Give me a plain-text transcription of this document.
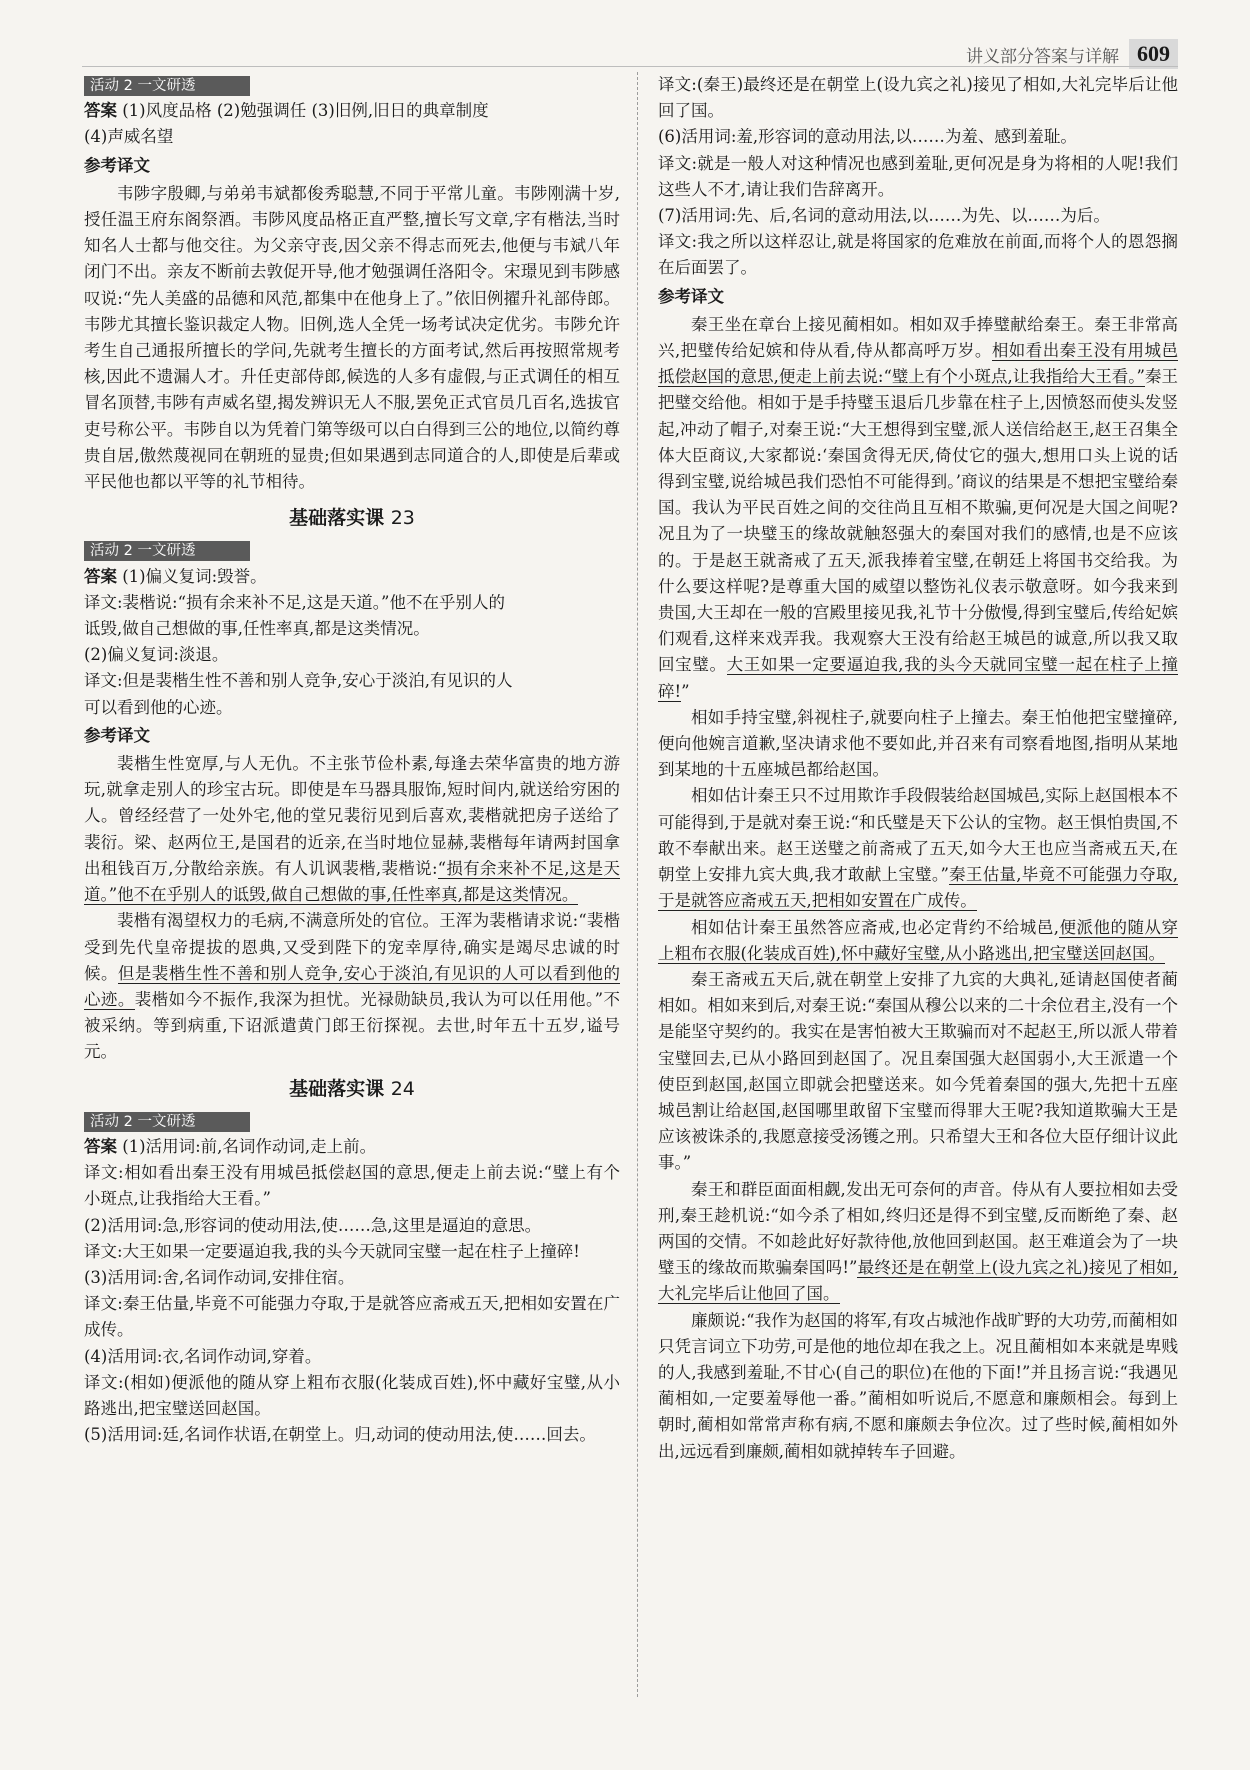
讲义部分答案与详解 609
活动 2 一文研透

答案 (1)风度品格 (2)勉强调任 (3)旧例,旧日的典章制度

(4)声威名望

参考译文

韦陟字殷卿,与弟弟韦斌都俊秀聪慧,不同于平常儿童。韦陟刚满十岁,授任温王府东阁祭酒。韦陟风度品格正直严整,擅长写文章,字有楷法,当时知名人士都与他交往。为父亲守丧,因父亲不得志而死去,他便与韦斌八年闭门不出。亲友不断前去敦促开导,他才勉强调任洛阳令。宋璟见到韦陟感叹说:“先人美盛的品德和风范,都集中在他身上了。”依旧例擢升礼部侍郎。韦陟尤其擅长鉴识裁定人物。旧例,选人全凭一场考试决定优劣。韦陟允许考生自己通报所擅长的学问,先就考生擅长的方面考试,然后再按照常规考核,因此不遗漏人才。升任吏部侍郎,候选的人多有虚假,与正式调任的相互冒名顶替,韦陟有声威名望,揭发辨识无人不服,罢免正式官员几百名,选拔官吏号称公平。韦陟自以为凭着门第等级可以白白得到三公的地位,以简约尊贵自居,傲然蔑视同在朝班的显贵;但如果遇到志同道合的人,即使是后辈或平民他也都以平等的礼节相待。

基础落实课 23
活动 2 一文研透

答案 (1)偏义复词:毁誉。

译文:裴楷说:“损有余来补不足,这是天道。”他不在乎别人的

诋毁,做自己想做的事,任性率真,都是这类情况。

(2)偏义复词:淡退。

译文:但是裴楷生性不善和别人竞争,安心于淡泊,有见识的人

可以看到他的心迹。

参考译文

裴楷生性宽厚,与人无仇。不主张节俭朴素,每逢去荣华富贵的地方游玩,就拿走别人的珍宝古玩。即使是车马器具服饰,短时间内,就送给穷困的人。曾经经营了一处外宅,他的堂兄裴衍见到后喜欢,裴楷就把房子送给了裴衍。梁、赵两位王,是国君的近亲,在当时地位显赫,裴楷每年请两封国拿出租钱百万,分散给亲族。有人讥讽裴楷,裴楷说:“损有余来补不足,这是天道。”他不在乎别人的诋毁,做自己想做的事,任性率真,都是这类情况。

裴楷有渴望权力的毛病,不满意所处的官位。王浑为裴楷请求说:“裴楷受到先代皇帝提拔的恩典,又受到陛下的宠幸厚待,确实是竭尽忠诚的时候。但是裴楷生性不善和别人竞争,安心于淡泊,有见识的人可以看到他的心迹。裴楷如今不振作,我深为担忧。光禄勋缺员,我认为可以任用他。”不被采纳。等到病重,下诏派遣黄门郎王衍探视。去世,时年五十五岁,谥号元。

基础落实课 24
活动 2 一文研透

答案 (1)活用词:前,名词作动词,走上前。

译文:相如看出秦王没有用城邑抵偿赵国的意思,便走上前去说:“璧上有个小斑点,让我指给大王看。”

(2)活用词:急,形容词的使动用法,使……急,这里是逼迫的意思。

译文:大王如果一定要逼迫我,我的头今天就同宝璧一起在柱子上撞碎!

(3)活用词:舍,名词作动词,安排住宿。

译文:秦王估量,毕竟不可能强力夺取,于是就答应斋戒五天,把相如安置在广成传。

(4)活用词:衣,名词作动词,穿着。

译文:(相如)便派他的随从穿上粗布衣服(化装成百姓),怀中藏好宝璧,从小路逃出,把宝璧送回赵国。

(5)活用词:廷,名词作状语,在朝堂上。归,动词的使动用法,使……回去。

译文:(秦王)最终还是在朝堂上(设九宾之礼)接见了相如,大礼完毕后让他回了国。

(6)活用词:羞,形容词的意动用法,以……为羞、感到羞耻。

译文:就是一般人对这种情况也感到羞耻,更何况是身为将相的人呢!我们这些人不才,请让我们告辞离开。

(7)活用词:先、后,名词的意动用法,以……为先、以……为后。

译文:我之所以这样忍让,就是将国家的危难放在前面,而将个人的恩怨搁在后面罢了。

参考译文

秦王坐在章台上接见蔺相如。相如双手捧璧献给秦王。秦王非常高兴,把璧传给妃嫔和侍从看,侍从都高呼万岁。相如看出秦王没有用城邑抵偿赵国的意思,便走上前去说:“璧上有个小斑点,让我指给大王看。”秦王把璧交给他。相如于是手持璧玉退后几步靠在柱子上,因愤怒而使头发竖起,冲动了帽子,对秦王说:“大王想得到宝璧,派人送信给赵王,赵王召集全体大臣商议,大家都说:‘秦国贪得无厌,倚仗它的强大,想用口头上说的话得到宝璧,说给城邑我们恐怕不可能得到。’商议的结果是不想把宝璧给秦国。我认为平民百姓之间的交往尚且互相不欺骗,更何况是大国之间呢?况且为了一块璧玉的缘故就触怒强大的秦国对我们的感情,也是不应该的。于是赵王就斋戒了五天,派我捧着宝璧,在朝廷上将国书交给我。为什么要这样呢?是尊重大国的威望以整饬礼仪表示敬意呀。如今我来到贵国,大王却在一般的宫殿里接见我,礼节十分傲慢,得到宝璧后,传给妃嫔们观看,这样来戏弄我。我观察大王没有给赵王城邑的诚意,所以我又取回宝璧。大王如果一定要逼迫我,我的头今天就同宝璧一起在柱子上撞碎!”

相如手持宝璧,斜视柱子,就要向柱子上撞去。秦王怕他把宝璧撞碎,便向他婉言道歉,坚决请求他不要如此,并召来有司察看地图,指明从某地到某地的十五座城邑都给赵国。

相如估计秦王只不过用欺诈手段假装给赵国城邑,实际上赵国根本不可能得到,于是就对秦王说:“和氏璧是天下公认的宝物。赵王惧怕贵国,不敢不奉献出来。赵王送璧之前斋戒了五天,如今大王也应当斋戒五天,在朝堂上安排九宾大典,我才敢献上宝璧。”秦王估量,毕竟不可能强力夺取,于是就答应斋戒五天,把相如安置在广成传。

相如估计秦王虽然答应斋戒,也必定背约不给城邑,便派他的随从穿上粗布衣服(化装成百姓),怀中藏好宝璧,从小路逃出,把宝璧送回赵国。

秦王斋戒五天后,就在朝堂上安排了九宾的大典礼,延请赵国使者蔺相如。相如来到后,对秦王说:“秦国从穆公以来的二十余位君主,没有一个是能坚守契约的。我实在是害怕被大王欺骗而对不起赵王,所以派人带着宝璧回去,已从小路回到赵国了。况且秦国强大赵国弱小,大王派遣一个使臣到赵国,赵国立即就会把璧送来。如今凭着秦国的强大,先把十五座城邑割让给赵国,赵国哪里敢留下宝璧而得罪大王呢?我知道欺骗大王是应该被诛杀的,我愿意接受汤镬之刑。只希望大王和各位大臣仔细计议此事。”

秦王和群臣面面相觑,发出无可奈何的声音。侍从有人要拉相如去受刑,秦王趁机说:“如今杀了相如,终归还是得不到宝璧,反而断绝了秦、赵两国的交情。不如趁此好好款待他,放他回到赵国。赵王难道会为了一块璧玉的缘故而欺骗秦国吗!”最终还是在朝堂上(设九宾之礼)接见了相如,大礼完毕后让他回了国。

廉颇说:“我作为赵国的将军,有攻占城池作战旷野的大功劳,而蔺相如只凭言词立下功劳,可是他的地位却在我之上。况且蔺相如本来就是卑贱的人,我感到羞耻,不甘心(自己的职位)在他的下面!”并且扬言说:“我遇见蔺相如,一定要羞辱他一番。”蔺相如听说后,不愿意和廉颇相会。每到上朝时,蔺相如常常声称有病,不愿和廉颇去争位次。过了些时候,蔺相如外出,远远看到廉颇,蔺相如就掉转车子回避。
